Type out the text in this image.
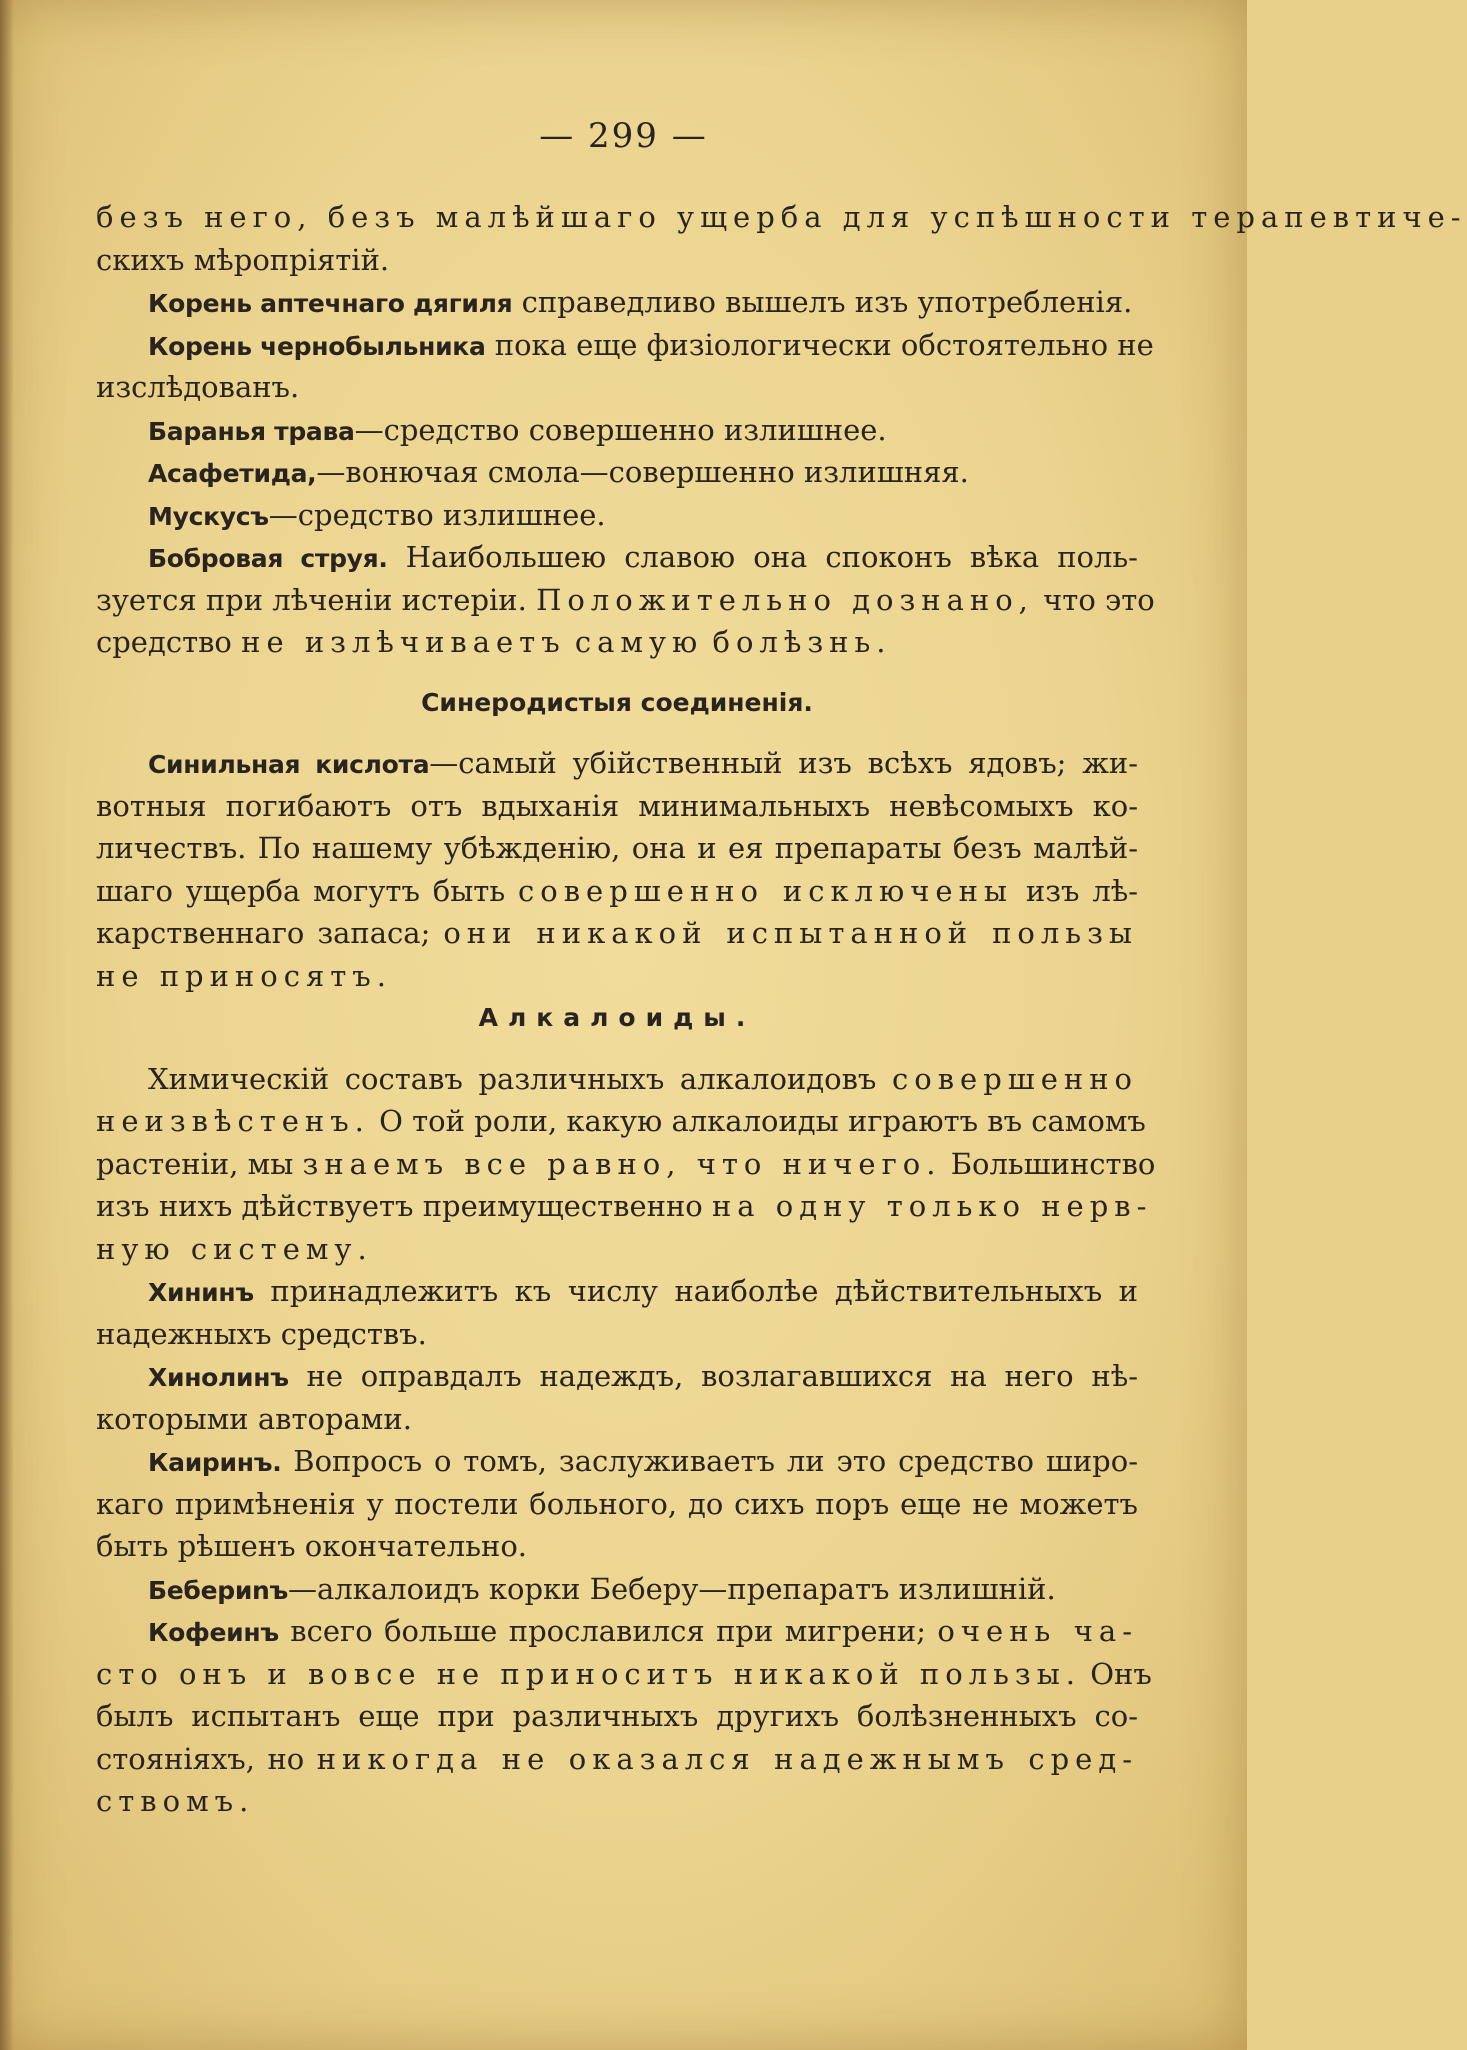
— 299 —
безъ него, безъ малѣйшаго ущерба для успѣшности терапевтиче-
скихъ мѣропріятій.
Корень аптечнаго дягиля справедливо вышелъ изъ употребленія.
Корень чернобыльника пока еще физіологически обстоятельно не
изслѣдованъ.
Баранья трава—средство совершенно излишнее.
Асафетида,—вонючая смола—совершенно излишняя.
Мускусъ—средство излишнее.
Бобровая струя. Наибольшею славою она споконъ вѣка поль-
зуется при лѣченіи истеріи. Положительно дознано, что это
средство не излѣчиваетъ самую болѣзнь.
Синеродистыя соединенія.
Синильная кислота—самый убійственный изъ всѣхъ ядовъ; жи-
вотныя погибаютъ отъ вдыханія минимальныхъ невѣсомыхъ ко-
личествъ. По нашему убѣжденію, она и ея препараты безъ малѣй-
шаго ущерба могутъ быть совершенно исключены изъ лѣ-
карственнаго запаса; они никакой испытанной пользы
не приносятъ.
Алкалоиды.
Химическій составъ различныхъ алкалоидовъ совершенно
неизвѣстенъ. О той роли, какую алкалоиды играютъ въ самомъ
растеніи, мы знаемъ все равно, что ничего. Большинство
изъ нихъ дѣйствуетъ преимущественно на одну только нерв-
ную систему.
Хининъ принадлежитъ къ числу наиболѣе дѣйствительныхъ и
надежныхъ средствъ.
Хинолинъ не оправдалъ надеждъ, возлагавшихся на него нѣ-
которыми авторами.
Каиринъ. Вопросъ о томъ, заслуживаетъ ли это средство широ-
каго примѣненія у постели больного, до сихъ поръ еще не можетъ
быть рѣшенъ окончательно.
Бебериnъ—алкалоидъ корки Беберу—препаратъ излишній.
Кофеинъ всего больше прославился при мигрени; очень ча-
сто онъ и вовсе не приноситъ никакой пользы. Онъ
былъ испытанъ еще при различныхъ другихъ болѣзненныхъ со-
стояніяхъ, но никогда не оказался надежнымъ сред-
ствомъ.
